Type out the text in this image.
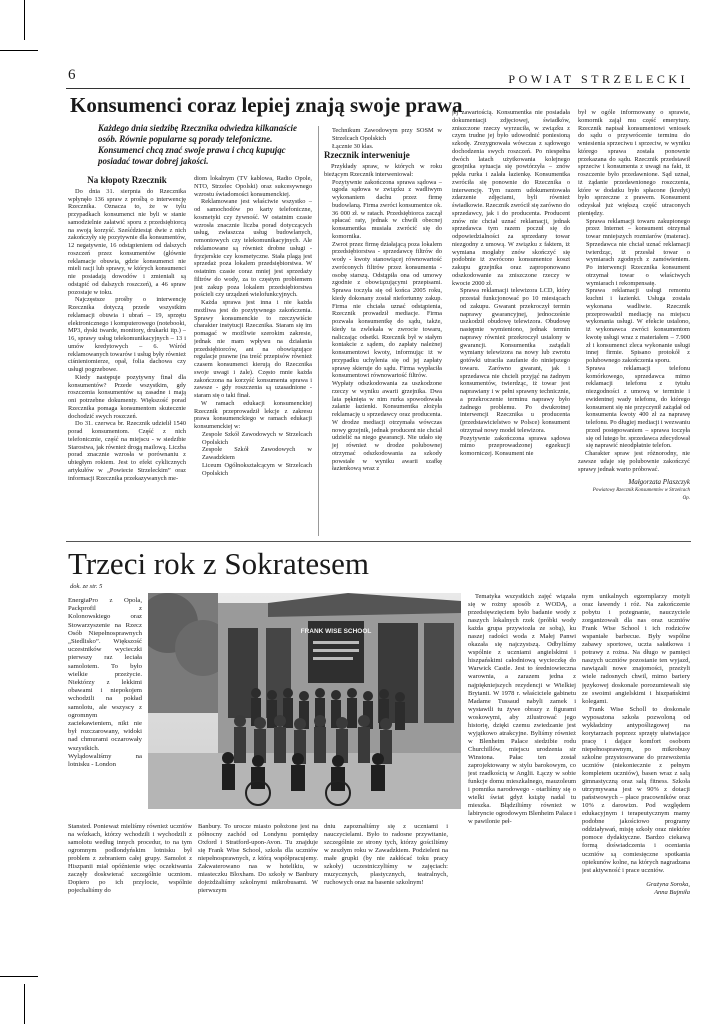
6	POWIAT STRZELECKI
Konsumenci coraz lepiej znają swoje prawa
Każdego dnia siedzibę Rzecznika odwiedza kilkanaście osób. Równie popularne są porady telefoniczne. Konsumenci chcą znać swoje prawa i chcą kupując posiadać towar dobrej jakości.
Na kłopoty Rzecznik

Do dnia 31. sierpnia do Rzecznika wpłynęło 136 spraw z prośbą o interwencję Rzecznika. Oznacza to, że w tylu przypadkach konsumenci nie byli w stanie samodzielnie załatwić sporu z przedsiębiorcą na swoją korzyść. Sześćdziesiąt dwie z nich zakończyły się pozytywnie dla konsumentów, 12 negatywnie, 16 odstąpieniem od dalszych roszczeń przez konsumentów (głównie reklamacje obuwia, gdzie konsumenci nie mieli racji lub sprawy, w których konsumenci nie posiadają dowodów i zmieniali są odstąpić od dalszych roszczeń), a 46 spraw pozostaje w toku.

Najczęstsze prośby o interwencję Rzecznika dotyczą przede wszystkim reklamacji obuwia i ubrań – 19, sprzętu elektronicznego i komputerowego (notebooki, MP3, dyski twarde, monitory, drukarki itp.) – 16, sprawy usług telekomunikacyjnych – 13 i umów kredytowych – 6. Wśród reklamowanych towarów i usług były również ciśnieniomierze, opał, folia dachowa czy usługi pogrzebowe.

Kiedy następuje pozytywny finał dla konsumentów? Przede wszystkim, gdy roszczenia konsumentów są zasadne i mają oni potrzebne dokumenty. Większość porad Rzecznika pomaga konsumentom skutecznie dochodzić swych roszczeń.

Do 31. czerwca br. Rzecznik udzielił 1540 porad konsumentom. Część z nich telefonicznie, część na miejscu - w siedzibie Starostwa, jak również drogą mailową. Liczba porad znacznie wzrosła w porównaniu z ubiegłym rokiem. Jest to efekt cyklicznych artykułów w „Powiecie Strzeleckim” oraz informacji Rzecznika przekazywanych me-

diom lokalnym (TV kablowa, Radio Opole, NTO, Strzelec Opolski) oraz sukcesywnego wzrostu świadomości konsumenckiej.

Reklamowane jest właściwie wszystko – od samochodów po karty telefoniczne, kosmetyki czy żywność. W ostatnim czasie wzrosła znacznie liczba porad dotyczących usług, zwłaszcza usług budowlanych, remontowych czy telekomunikacyjnych. Ale reklamowane są również drobne usługi - fryzjerskie czy kosmetyczne. Stała plagą jest sprzedaż poza lokalem przedsiębiorstwa. W ostatnim czasie coraz mniej jest sprzedaży filtrów do wody, za to częstym problemem jest zakup poza lokalem przedsiębiorstwa pościeli czy urządzeń wielofunkcyjnych.

Każda sprawa jest inna i nie każda możliwa jest do pozytywnego zakończenia. Sprawy konsumenckie to rzeczywiście charakter instytucji Rzecznika. Staram się im pomagać w możliwie szerokim zakresie, jednak nie mam wpływu na działania przedsiębiorców, ani na obowiązujące regulacje prawne (na treść przepisów również czasem konsumenci kierują do Rzecznika swoje uwagi i żale). Często mnie każda zakończona na korzyść konsumenta sprawa i zawsze - gdy roszczenia są uzasadnione - staram się o taki finał.

W ramach edukacji konsumenckiej Rzecznik przeprowadził lekcje z zakresu prawa konsumenckiego w ramach edukacji konsumenckiej w:

• Zespole Szkół Zawodowych w Strzelcach Opolskich
• Zespole Szkół Zawodowych w Zawadzkiem
• Liceum Ogólnokształcącym w Strzelcach Opolskich
• Technikum Zawodowym przy SOSM w Strzelcach Opolskich
• Łącznie 30 klas.
Rzecznik interweniuje

Przykłady spraw, w których w roku bieżącym Rzecznik interweniował:

• Pozytywnie zakończona sprawa sądowa – ugoda sądowa w związku z wadliwym wykonaniem dachu przez firmę budowlaną. Firma zwróci konsumentce ok. 36 000 zł. w ratach. Przedsiębiorca zaczął spłacać raty, jednak w chwili obecnej konsumentka musiała zwrócić się do komornika.
• Zwrot przez firmę działającą poza lokalem przedsiębiorstwa - sprzedawcę filtrów do wody - kwoty stanowiącej równowartość zwróconych filtrów przez konsumenta - osobę starszą. Odstąpiła ona od umowy zgodnie z obowiązującymi przepisami. Sprawa toczyła się od końca 2005 roku, kiedy dokonany został niefortunny zakup. Firma nie chciała uznać odstąpienia, Rzecznik prowadził mediacje. Firma pozwała konsumentkę do sądu, także, kiedy ta zwlekała w zwrocie towaru, naliczając odsetki. Rzecznik był w stałym kontakcie z sądem, do zapłaty należnej konsumentowi kwoty, informując iż w przypadku uchylenia się od jej zapłaty sprawę skieruje do sądu. Firma wypłaciła konsumentowi równowartość filtrów.
• Wypłaty odszkodowania za uszkodzone rzeczy w wyniku awarii grzejnika. Dwa lata pęknięta w nim rurka spowodowała zalanie łazienki. Konsumentka złożyła reklamację u sprzedawcy oraz producenta. W drodze mediacji otrzymała wówczas nowy grzejnik, jednak producent nie chciał udzielić na niego gwarancji. Nie udało się jej również w drodze polubownej otrzymać odszkodowania za szkody powstałe w wyniku awarii szafkę łazienkową wraz z

jej zawartością. Konsumentka nie posiadała dokumentacji zdjęciowej, świadków, zniszczone rzeczy wyrzuciła, w związku z czym trudne jej było udowodnić poniesioną szkodę. Zrezygnowała wówczas z sądowego dochodzenia swych roszczeń. Po niespełna dwóch latach użytkowania kolejnego grzejnika sytuacja się powtórzyła – znów pękła rurka i zalała łazienkę. Konsumentka zwróciła się ponownie do Rzecznika o interwencję. Tym razem udokumentowała zdarzenie zdjęciami, byli również świadkowie. Rzecznik zwrócił się zarówno do sprzedawcy, jak i do producenta. Producent znów nie chciał uznać reklamacji, jednak sprzedawca tym razem poczuł się do odpowiedzialności za sprzedany towar niezgodny z umową. W związku z faktem, iż wymiana mogłaby znów skończyć się podobnie iż zwrócono konsumentce koszt zakupu grzejnika oraz zaproponowano odszkodowanie za zniszczone rzeczy w kwocie 2000 zł.

• Sprawa reklamacji telewizora LCD, który przestał funkcjonować po 10 miesiącach od zakupu. Gwarant przekroczył termin naprawy gwarancyjnej, jednocześnie uszkodził obudowę telewizora. Obudowę następnie wymieniono, jednak termin naprawy również przekroczył ustalony w gwarancji. Konsumentka zażądali wymiany telewizora na nowy lub zwrotu gotówki utraciła zaufanie do niniejszego towaru. Zarówno gwarant, jak i sprzedawca nie chcieli przyjąć na żadnym konsumentów, twierdząc, iż towar jest naprawiany i w pełni sprawny technicznie, a przekroczenie terminu naprawy było żadnego problemu. Po dwukrotnej interwencji Rzecznika u producenta (przedstawicielstwo w Polsce) konsument otrzymał nowy model telewizora.
• Pozytywnie zakończona sprawa sądowa mimo przeprowadzonej egzekucji komorniczej. Konsument nie

był w ogóle informowany o sprawie, komornik zajął mu część emerytury. Rzecznik napisał konsumentowi wniosek do sądu o przywrócenie terminu do wniesienia sprzeciwu i sprzeciw, w wyniku którego sprawa została ponownie przekazana do sądu. Rzecznik przedstawił sprzeciw i konsumenta z uwagi na fakt, iż roszczenie było przedawnione. Sąd uznał, iż żądanie przedawnionego roszczenia, które w dodatku było spłacone (kredyt) było sprzeczne z prawem. Konsument odzyskał już większą część utraconych pieniędzy.

• Sprawa reklamacji towaru zakupionego przez Internet – konsument otrzymał towar mniejszych rozmiarów (materac). Sprzedawca nie chciał uznać reklamacji twierdząc, iż przesłał towar o wymiarach zgodnych z zamówieniem. Po interwencji Rzecznika konsument otrzymał towar o właściwych wymiarach i rekompensatę.
• Sprawa reklamacji usługi remontu kuchni i łazienki. Usługa została wykonana wadliwie. Rzecznik przeprowadził mediację na miejscu wykonania usługi. W efekcie ustalono, iż wykonawca zwróci konsumentom kwotę usługi wraz z materiałem – 7.900 zł i konsumenci zleca wykonanie usługi innej firmie. Spisano protokół z polubownego zakończenia sporu.
• Sprawa reklamacji telefonu komórkowego, sprzedawca mimo reklamacji telefonu z tytułu niezgodności z umową w terminie i ewidentnej wady telefonu, do którego konsument się nie przyczynił zażądał od konsumenta kwoty 400 zł za naprawę telefonu. Po długiej mediacji i wezwaniu przed postępowaniem – sprawa toczyła się od lutego br. sprzedawca zdecydował się naprawić nieodpłatnie telefon.

Charakter spraw jest różnorodny, nie zawsze udaje się polubownie zakończyć sprawy jednak warto próbować.

Małgorzata Plaszczyk

Powiatowy Rzecznik Konsumentów w Strzelcach Op.

Trzeci rok z Sokratesem
dok. ze str. 5

EnergiaPro z Opola, Packprofil z Kolonowskiego oraz Stowarzyszenie na Rzecz Osób Niepełnosprawnych „Siedlisko”. Większość uczestników wycieczki pierwszy raz leciała samolotem. To było wielkie przeżycie. Niektórzy z lekkimi obawami i niepokojem wchodzili na pokład samolotu, ale wszyscy z ogromnym zaciekawieniem, nikt nie był rozczarowany, widoki nad chmurami oczarowały wszystkich. Wylądowaliśmy na lotnisku - London

FRANK WISE SCHOOL

Stansted. Ponieważ mieliśmy również uczniów na wózkach, którzy wchodzili i wychodzili z samolotu według innych procedur, to na tym ogromnym podlondyńskim lotnisku był problem z zebraniem całej grupy. Samolot z Hiszpanii miał opóźnienie więc oczekiwania zaczęły doskwierać szczególnie uczniom. Dopiero po ich przylocie, wspólnie pojechaliśmy do

Banbury. To urocze miasto położone jest na północny zachód od Londynu pomiędzy Oxford i Stratford-upon-Avon. Tu znajduje się Frank Wise School, szkoła dla uczniów niepełnosprawnych, z którą współpracujemy. Zakwaterowano nas w hotelikiu, w miasteczku Bloxham. Do szkoły w Banbury dojeżdżaliśmy szkolnymi mikrobusami. W pierwszym

dniu zapoznaliśmy się z uczniami i nauczycielami. Było to radosne przywitanie, szczególnie ze strony tych, którzy gościliśmy w zeszłym roku w Zawadzkiem. Podzieleni na małe grupki (by nie zakłócać toku pracy szkoły) uczestniczyliśmy w zajęciach: muzycznych, plastycznych, teatralnych, ruchowych oraz na basenie szkolnym!

Tematyka wszystkich zajęć wiązała się w rożny sposób z WODĄ, a przedsięwzięciem było badanie wody z naszych lokalnych rzek (próbki wody każda grupa przywiozła ze sobą), ku naszej radości woda z Małej Panwi okazała się najczystszą. Odbyliśmy wspólnie z uczniami angielskimi i hiszpańskimi całodniową wycieczkę do Warwick Castle. Jest to średniowieczna warownia, a zarazem jedna z najpiękniejszych rezydencji w Wielkiej Brytanii. W 1978 r. właściciele gabinetu Madame Tussaud nabyli zamek i wystawili tu żywe obrazy z figurami woskowymi, aby zilustrować jego historię, dzięki czemu zwiedzanie jest wyjątkowo atrakcyjne. Byliśmy również w Blenheim Palace siedzibie rodu Churchillów, miejscu urodzenia sir Winstona. Pałac ten został zaprojektowany w stylu barokowym, co jest rzadkością w Anglii. Łączy w sobie funkcje domu mieszkalnego, mauzoleum i pomnika narodowego - otarliśmy się o wielki świat gdyż książę nadal tu mieszka. Błądziliśmy również w labiryncie ogrodowym Blenheim Palace i w pawilonie peł-

nym unikalnych egzemplarzy motyli oraz ławendy i róż. Na zakończenie pobytu i pożegnanie, nauczyciele zorganizowali dla nas oraz uczniów Frank Wise School i ich rodziców wspaniałe barbecue. Były wspólne zabawy sportowe, uczta sałatkowa i potrawy z rożna. Na długo w pamięci naszych uczniów pozostanie ten wyjazd, nawiązali nowe znajomości, przeżyli wiele radosnych chwil, mimo bariery językowej doskonale porozumiewali się ze swoimi angielskimi i hiszpańskimi kolegami.

Frank Wise Scholl to doskonale wyposażona szkoła pozwoloną od wykładziny antypoślizgowej na korytarzach poprzez sprzęty ułatwiające pracę i dające komfort osobom niepełnosprawnym, po mikrobusy szkolne przystosowane do przewożenia uczniów (niekoniecznie z pełnym kompletem uczniów), basen wraz z salą gimnastyczną oraz salą fitness. Szkoła utrzymywana jest w 90% z dotacji państwowych – płace pracowników oraz 10% z darowizn. Pod względem edukacyjnym i terapeutycznym mamy podobne jakościowo programy oddziaływań, misję szkoły oraz niektóre pomoce dydaktyczne. Bardzo ciekawą formą doświadczenia i oceniania uczniów są comiesięczne spotkania opiekunów kolne, na których nagradzana jest aktywność i prace uczniów.

Grażyna Soroka,

Anna Bujmiła
